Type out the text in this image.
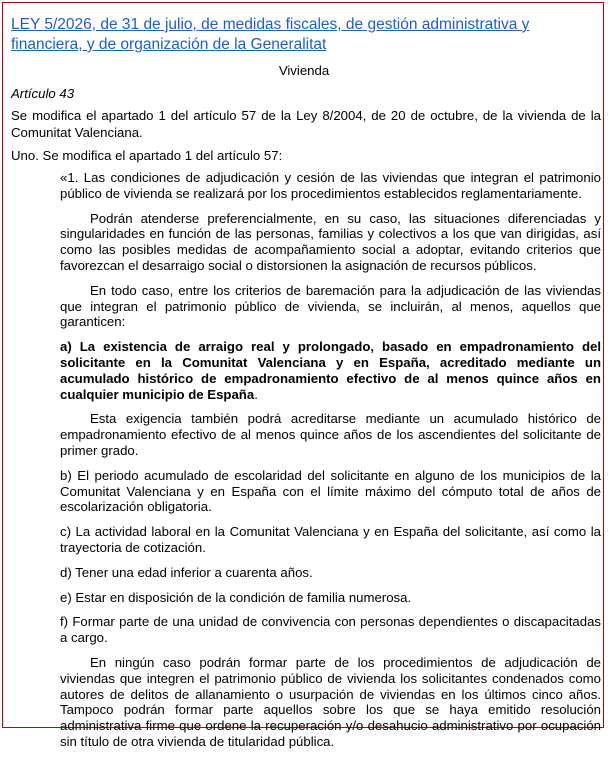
LEY 5/2026, de 31 de julio, de medidas fiscales, de gestión administrativa y financiera, y de organización de la Generalitat

Vivienda

Artículo 43

Se modifica el apartado 1 del artículo 57 de la Ley 8/2004, de 20 de octubre, de la vivienda de la Comunitat Valenciana.

Uno. Se modifica el apartado 1 del artículo 57:

«1. Las condiciones de adjudicación y cesión de las viviendas que integran el patrimonio público de vivienda se realizará por los procedimientos establecidos reglamentariamente.

Podrán atenderse preferencialmente, en su caso, las situaciones diferenciadas y singularidades en función de las personas, familias y colectivos a los que van dirigidas, así como las posibles medidas de acompañamiento social a adoptar, evitando criterios que favorezcan el desarraigo social o distorsionen la asignación de recursos públicos.

En todo caso, entre los criterios de baremación para la adjudicación de las viviendas que integran el patrimonio público de vivienda, se incluirán, al menos, aquellos que garanticen:

a) La existencia de arraigo real y prolongado, basado en empadronamiento del solicitante en la Comunitat Valenciana y en España, acreditado mediante un acumulado histórico de empadronamiento efectivo de al menos quince años en cualquier municipio de España.

Esta exigencia también podrá acreditarse mediante un acumulado histórico de empadronamiento efectivo de al menos quince años de los ascendientes del solicitante de primer grado.

b) El periodo acumulado de escolaridad del solicitante en alguno de los municipios de la Comunitat Valenciana y en España con el límite máximo del cómputo total de años de escolarización obligatoria.

c) La actividad laboral en la Comunitat Valenciana y en España del solicitante, así como la trayectoria de cotización.

d) Tener una edad inferior a cuarenta años.

e) Estar en disposición de la condición de familia numerosa.

f) Formar parte de una unidad de convivencia con personas dependientes o discapacitadas a cargo.

En ningún caso podrán formar parte de los procedimientos de adjudicación de viviendas que integren el patrimonio público de vivienda los solicitantes condenados como autores de delitos de allanamiento o usurpación de viviendas en los últimos cinco años. Tampoco podrán formar parte aquellos sobre los que se haya emitido resolución administrativa firme que ordene la recuperación y/o desahucio administrativo por ocupación sin título de otra vivienda de titularidad pública.
